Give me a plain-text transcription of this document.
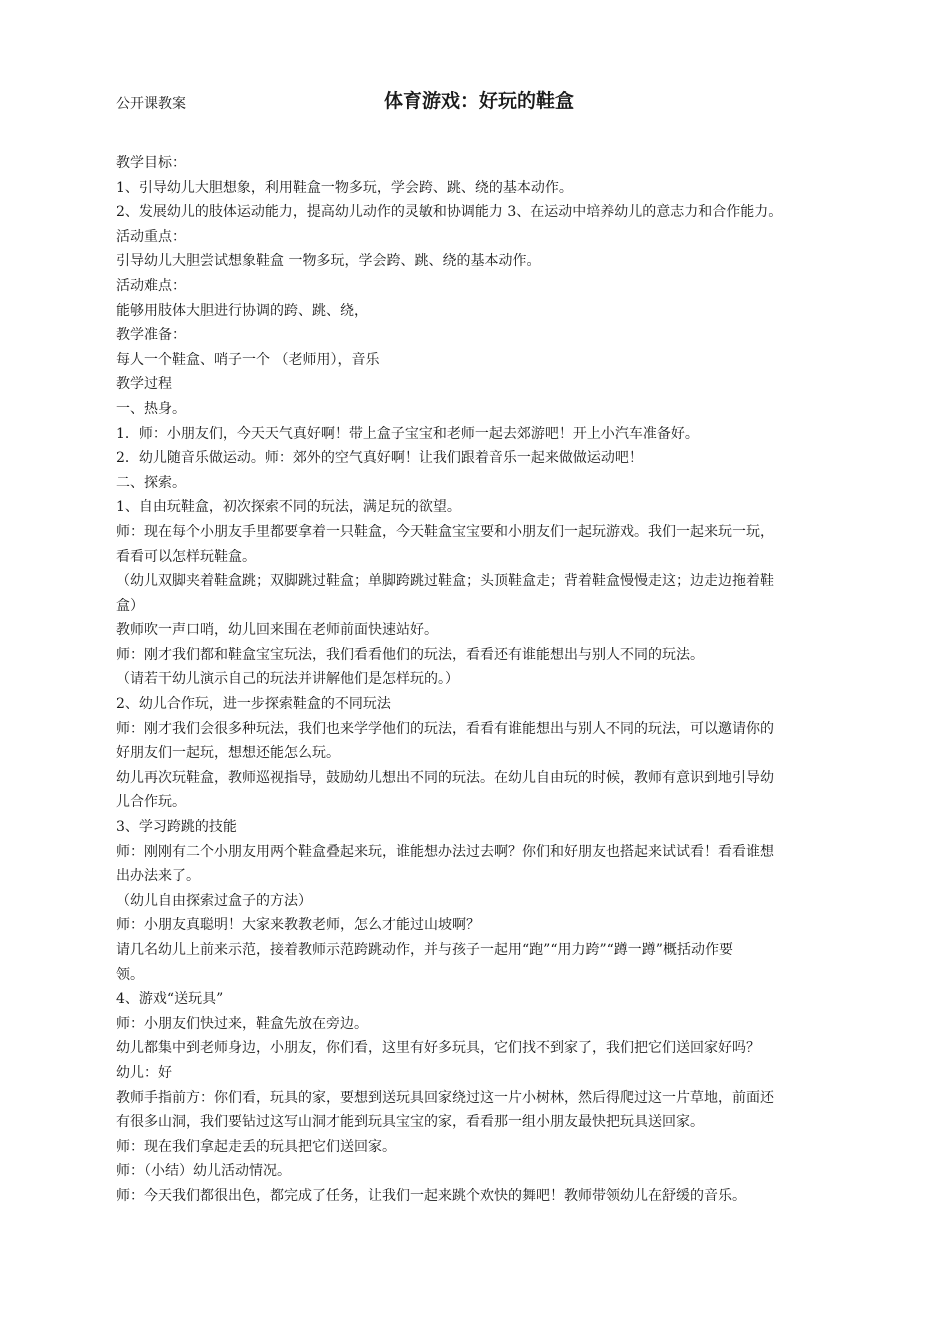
公开课教案	体育游戏：好玩的鞋盒

教学目标：

1、引导幼儿大胆想象，利用鞋盒一物多玩，学会跨、跳、绕的基本动作。

2、发展幼儿的肢体运动能力，提高幼儿动作的灵敏和协调能力 3、在运动中培养幼儿的意志力和合作能力。

活动重点：

引导幼儿大胆尝试想象鞋盒 一物多玩，学会跨、跳、绕的基本动作。

活动难点：

能够用肢体大胆进行协调的跨、跳、绕，

教学准备：

每人一个鞋盒、哨子一个 （老师用），音乐

教学过程

一、热身。

1．师：小朋友们，今天天气真好啊！带上盒子宝宝和老师一起去郊游吧！开上小汽车准备好。

2．幼儿随音乐做运动。师：郊外的空气真好啊！让我们跟着音乐一起来做做运动吧！

二、探索。

1、自由玩鞋盒，初次探索不同的玩法，满足玩的欲望。

师：现在每个小朋友手里都要拿着一只鞋盒，今天鞋盒宝宝要和小朋友们一起玩游戏。我们一起来玩一玩，

看看可以怎样玩鞋盒。

（幼儿双脚夹着鞋盒跳；双脚跳过鞋盒；单脚跨跳过鞋盒；头顶鞋盒走；背着鞋盒慢慢走这；边走边拖着鞋

盒）

教师吹一声口哨，幼儿回来围在老师前面快速站好。

师：刚才我们都和鞋盒宝宝玩法，我们看看他们的玩法，看看还有谁能想出与别人不同的玩法。

（请若干幼儿演示自己的玩法并讲解他们是怎样玩的。）

2、幼儿合作玩，进一步探索鞋盒的不同玩法

师：刚才我们会很多种玩法，我们也来学学他们的玩法，看看有谁能想出与别人不同的玩法，可以邀请你的

好朋友们一起玩，想想还能怎么玩。

幼儿再次玩鞋盒，教师巡视指导，鼓励幼儿想出不同的玩法。在幼儿自由玩的时候，教师有意识到地引导幼

儿合作玩。

3、学习跨跳的技能

师：刚刚有二个小朋友用两个鞋盒叠起来玩，谁能想办法过去啊？你们和好朋友也搭起来试试看！看看谁想

出办法来了。

（幼儿自由探索过盒子的方法）

师：小朋友真聪明！大家来教教老师，怎么才能过山坡啊？

请几名幼儿上前来示范，接着教师示范跨跳动作，并与孩子一起用“跑”“用力跨”“蹲一蹲”概括动作要

领。

4、游戏“送玩具”

师：小朋友们快过来，鞋盒先放在旁边。

幼儿都集中到老师身边，小朋友，你们看，这里有好多玩具，它们找不到家了，我们把它们送回家好吗？

幼儿：好

教师手指前方：你们看，玩具的家，要想到送玩具回家绕过这一片小树林，然后得爬过这一片草地，前面还

有很多山洞，我们要钻过这写山洞才能到玩具宝宝的家，看看那一组小朋友最快把玩具送回家。

师：现在我们拿起走丢的玩具把它们送回家。

师：（小结）幼儿活动情况。

师：今天我们都很出色，都完成了任务，让我们一起来跳个欢快的舞吧！教师带领幼儿在舒缓的音乐。
